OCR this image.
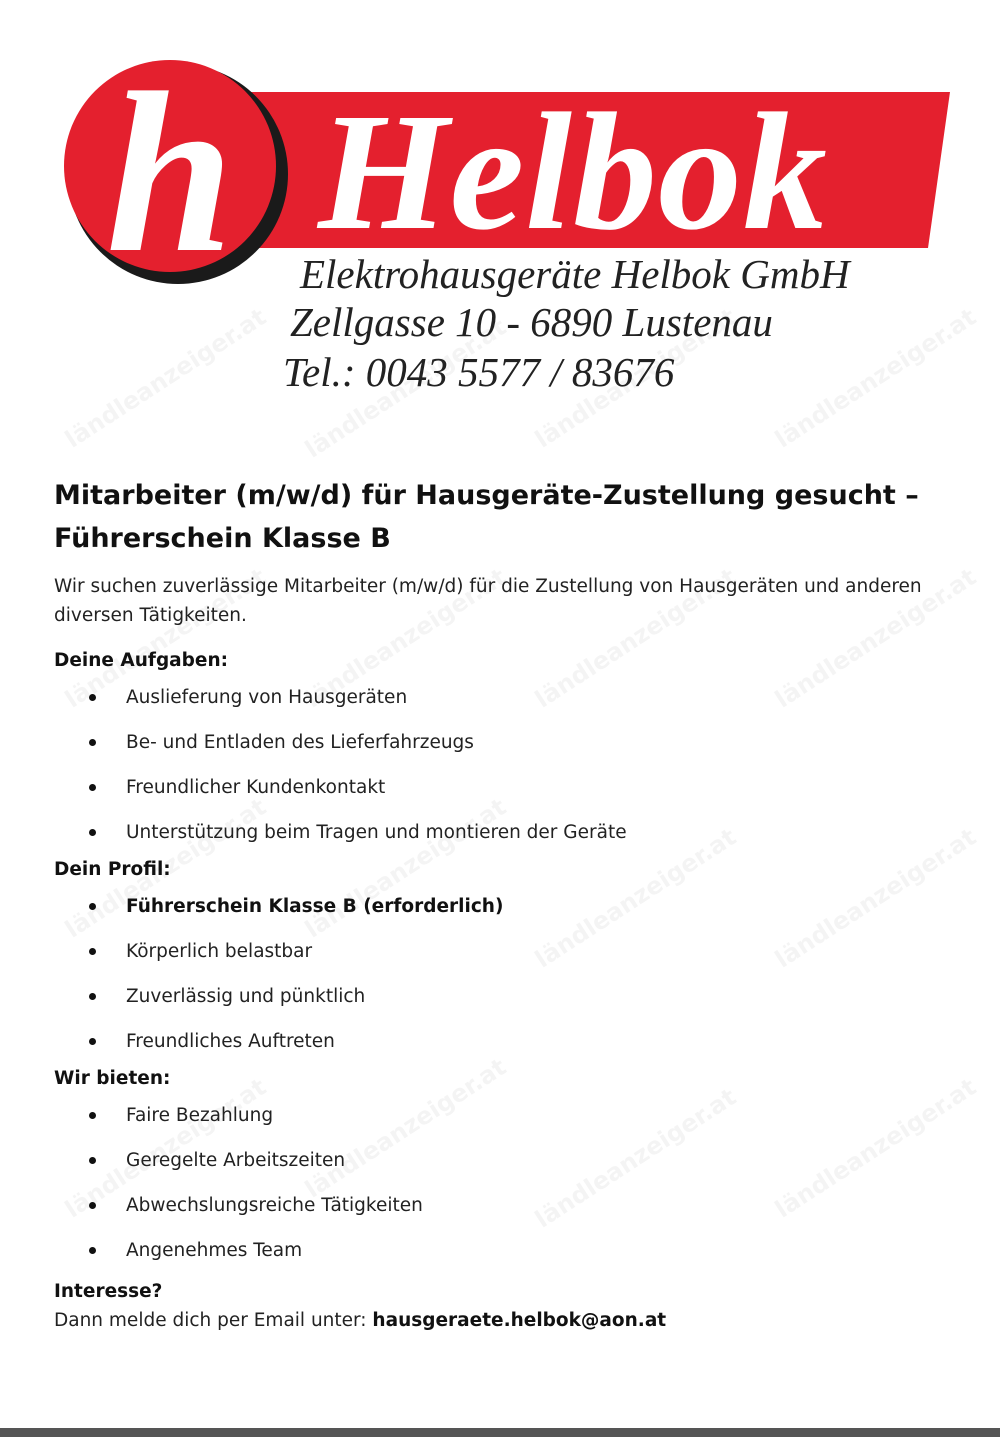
h Helbok
Elektrohausgeräte Helbok GmbH
Zellgasse 10 - 6890 Lustenau
Tel.: 0043 5577 / 83676
Mitarbeiter (m/w/d) für Hausgeräte-Zustellung gesucht – Führerschein Klasse B

Wir suchen zuverlässige Mitarbeiter (m/w/d) für die Zustellung von Hausgeräten und anderen diversen Tätigkeiten.

Deine Aufgaben:

Auslieferung von Hausgeräten
Be- und Entladen des Lieferfahrzeugs
Freundlicher Kundenkontakt
Unterstützung beim Tragen und montieren der Geräte

Dein Profil:

Führerschein Klasse B (erforderlich)
Körperlich belastbar
Zuverlässig und pünktlich
Freundliches Auftreten

Wir bieten:

Faire Bezahlung
Geregelte Arbeitszeiten
Abwechslungsreiche Tätigkeiten
Angenehmes Team

Interesse?

Dann melde dich per Email unter: hausgeraete.helbok@aon.at
